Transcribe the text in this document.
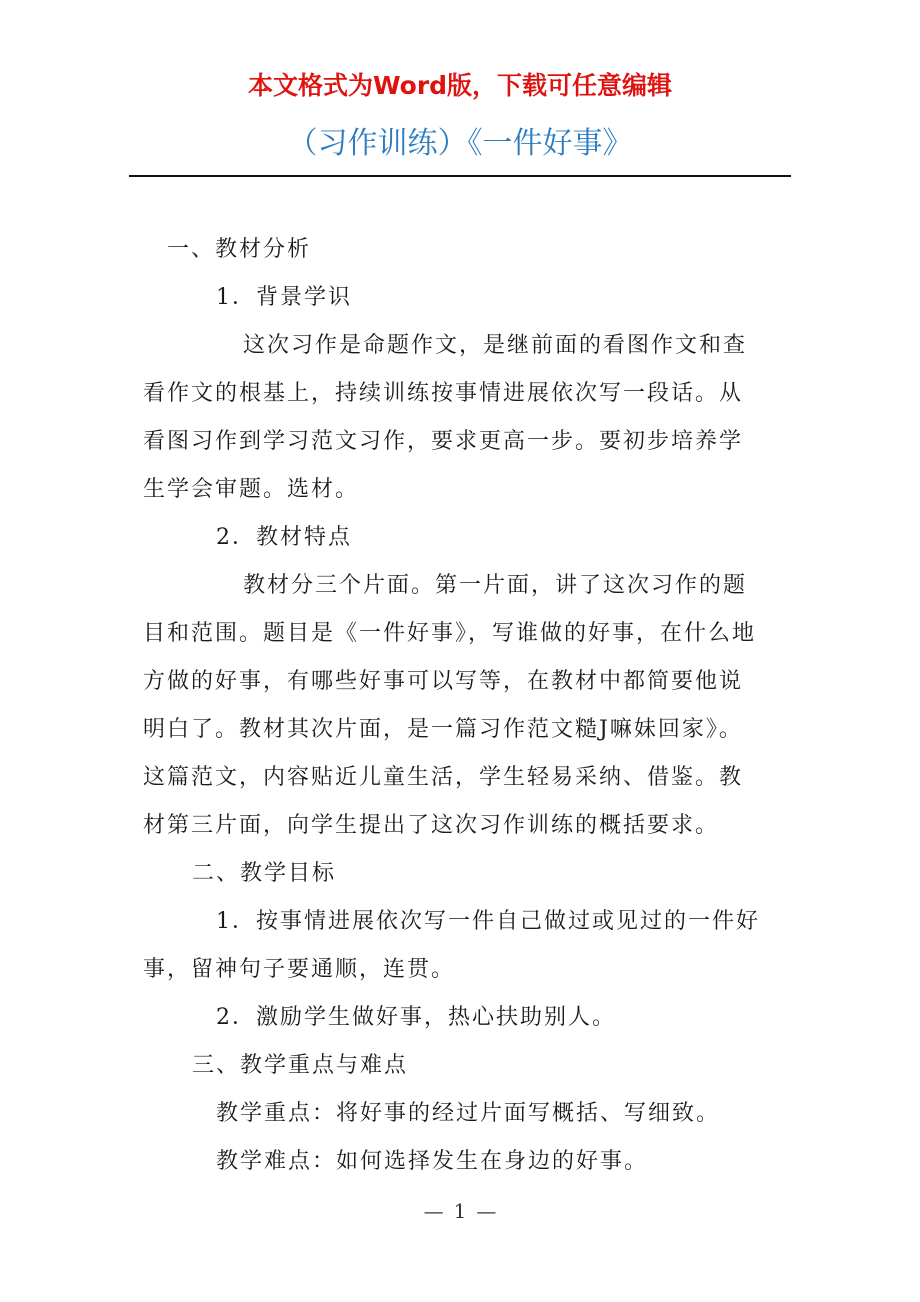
本文格式为Word版，下载可任意编辑
（习作训练）《一件好事》
一、教材分析
1．背景学识
这次习作是命题作文，是继前面的看图作文和查
看作文的根基上，持续训练按事情进展依次写一段话。从
看图习作到学习范文习作，要求更高一步。要初步培养学
生学会审题。选材。
2．教材特点
教材分三个片面。第一片面，讲了这次习作的题
目和范围。题目是《一件好事》，写谁做的好事，在什么地
方做的好事，有哪些好事可以写等，在教材中都简要他说
明白了。教材其次片面，是一篇习作范文糙J嘛妹回家》。
这篇范文，内容贴近儿童生活，学生轻易采纳、借鉴。教
材第三片面，向学生提出了这次习作训练的概括要求。
二、教学目标
1．按事情进展依次写一件自己做过或见过的一件好
事，留神句子要通顺，连贯。
2．激励学生做好事，热心扶助别人。
三、教学重点与难点
教学重点：将好事的经过片面写概括、写细致。
教学难点：如何选择发生在身边的好事。
— 1 —
